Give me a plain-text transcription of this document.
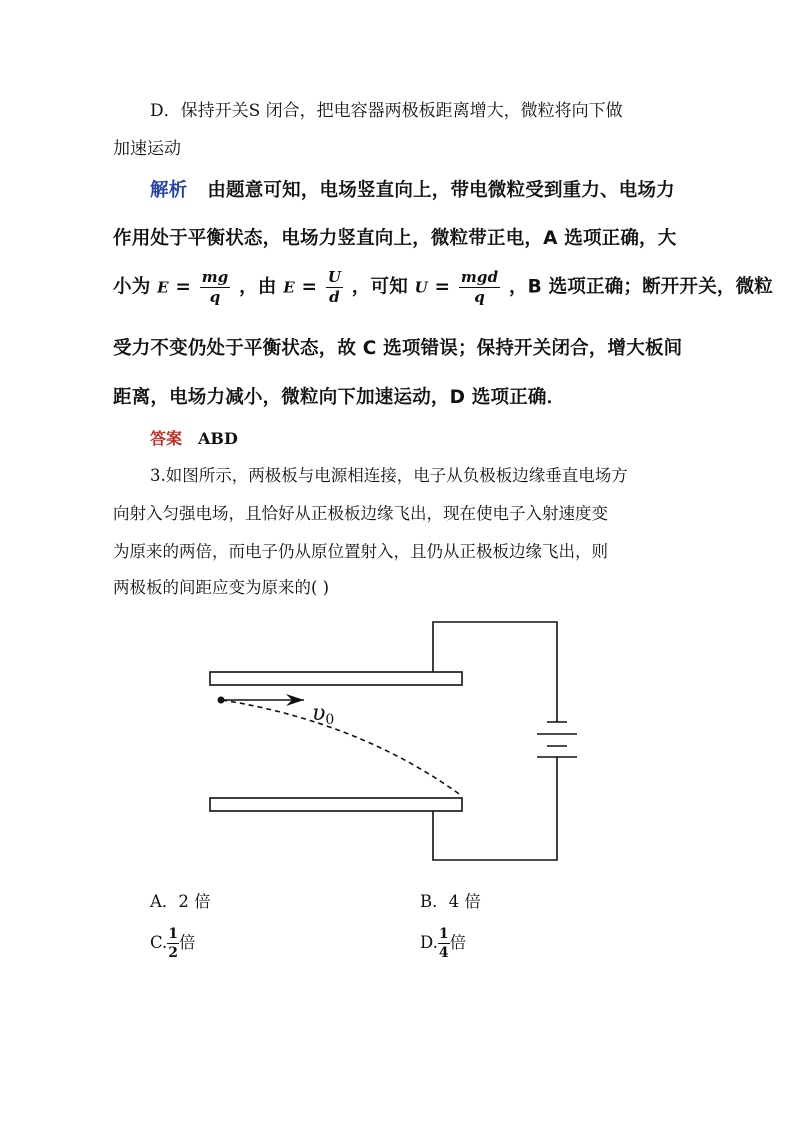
D．保持开关S 闭合，把电容器两极板距离增大，微粒将向下做
加速运动
解析 由题意可知，电场竖直向上，带电微粒受到重力、电场力
作用处于平衡状态，电场力竖直向上，微粒带正电，A 选项正确，大
小为 $E = \frac{mg}{q}$ ，由 $E = \frac{U}{d}$ ，可知 $U = \frac{\text{mgd}}{q}$ ，B 选项正确；断开开关，微粒
受力不变仍处于平衡状态，故 C 选项错误；保持开关闭合，增大板间
距离，电场力减小，微粒向下加速运动，D 选项正确．
答案 ABD
3.如图所示，两极板与电源相连接，电子从负极板边缘垂直电场方
向射入匀强电场，且恰好从正极板边缘飞出，现在使电子入射速度变
为原来的两倍，而电子仍从原位置射入，且仍从正极板边缘飞出，则
两极板的间距应变为原来的( )
υ0
A．2 倍	B．4 倍
C. $\frac{1}{2}$ 倍	D. $\frac{1}{4}$ 倍
